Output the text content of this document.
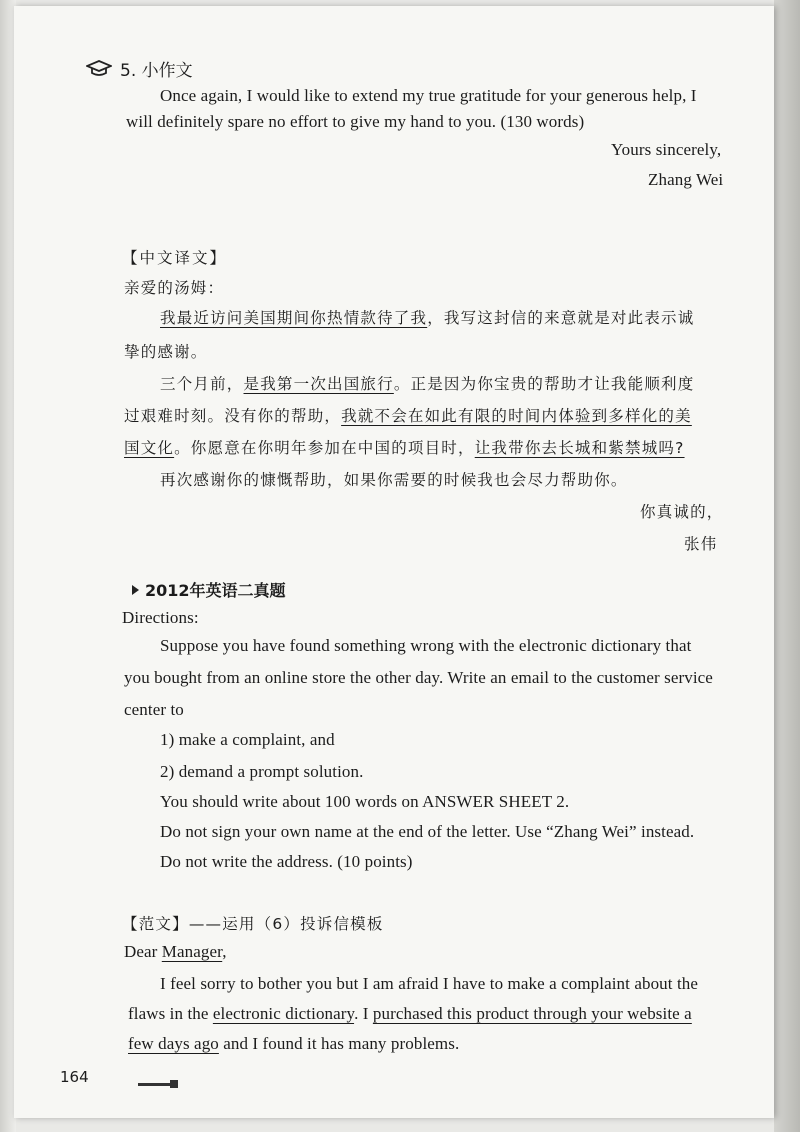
5. 小作文

Once again, I would like to extend my true gratitude for your generous help, I

will definitely spare no effort to give my hand to you. (130 words)

Yours sincerely,

Zhang Wei

【中文译文】

亲爱的汤姆：

我最近访问美国期间你热情款待了我，我写这封信的来意就是对此表示诚

挚的感谢。

三个月前，是我第一次出国旅行。正是因为你宝贵的帮助才让我能顺利度

过艰难时刻。没有你的帮助，我就不会在如此有限的时间内体验到多样化的美

国文化。你愿意在你明年参加在中国的项目时，让我带你去长城和紫禁城吗?

再次感谢你的慷慨帮助，如果你需要的时候我也会尽力帮助你。

你真诚的，

张伟

2012年英语二真题

Directions:

Suppose you have found something wrong with the electronic dictionary that

you bought from an online store the other day. Write an email to the customer service

center to

1) make a complaint, and

2) demand a prompt solution.

You should write about 100 words on ANSWER SHEET 2.

Do not sign your own name at the end of the letter. Use “Zhang Wei” instead.

Do not write the address. (10 points)

【范文】——运用（6）投诉信模板

Dear Manager,

I feel sorry to bother you but I am afraid I have to make a complaint about the

flaws in the electronic dictionary. I purchased this product through your website a

few days ago and I found it has many problems.

164
